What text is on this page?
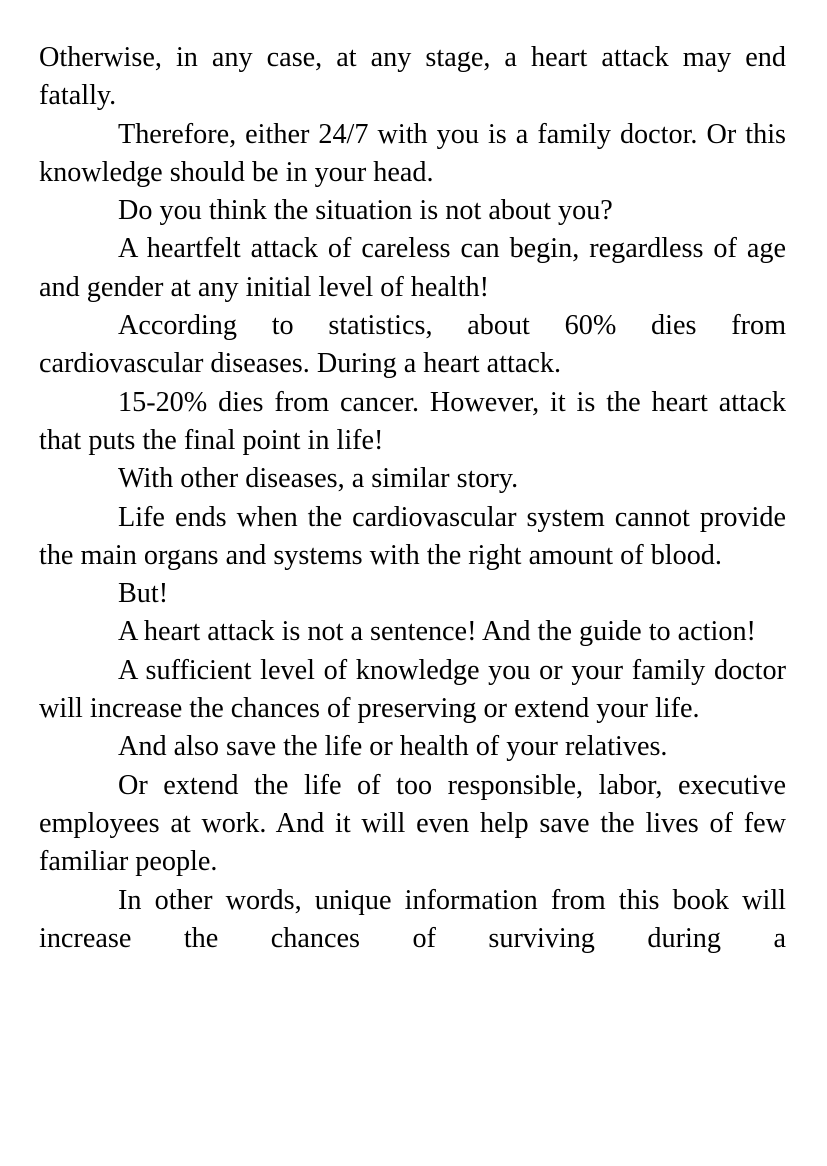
Otherwise, in any case, at any stage, a heart attack may end fatally.

Therefore, either 24/7 with you is a family doctor. Or this knowledge should be in your head.

Do you think the situation is not about you?

A heartfelt attack of careless can begin, regardless of age and gender at any initial level of health!

According to statistics, about 60% dies from cardiovascular diseases. During a heart attack.

15-20% dies from cancer. However, it is the heart attack that puts the final point in life!

With other diseases, a similar story.

Life ends when the cardiovascular system cannot provide the main organs and systems with the right amount of blood.

But!

A heart attack is not a sentence! And the guide to action!

A sufficient level of knowledge you or your family doctor will increase the chances of preserving or extend your life.

And also save the life or health of your relatives.

Or extend the life of too responsible, labor, executive employees at work. And it will even help save the lives of few familiar people.

In other words, unique information from this book will increase the chances of surviving during a
